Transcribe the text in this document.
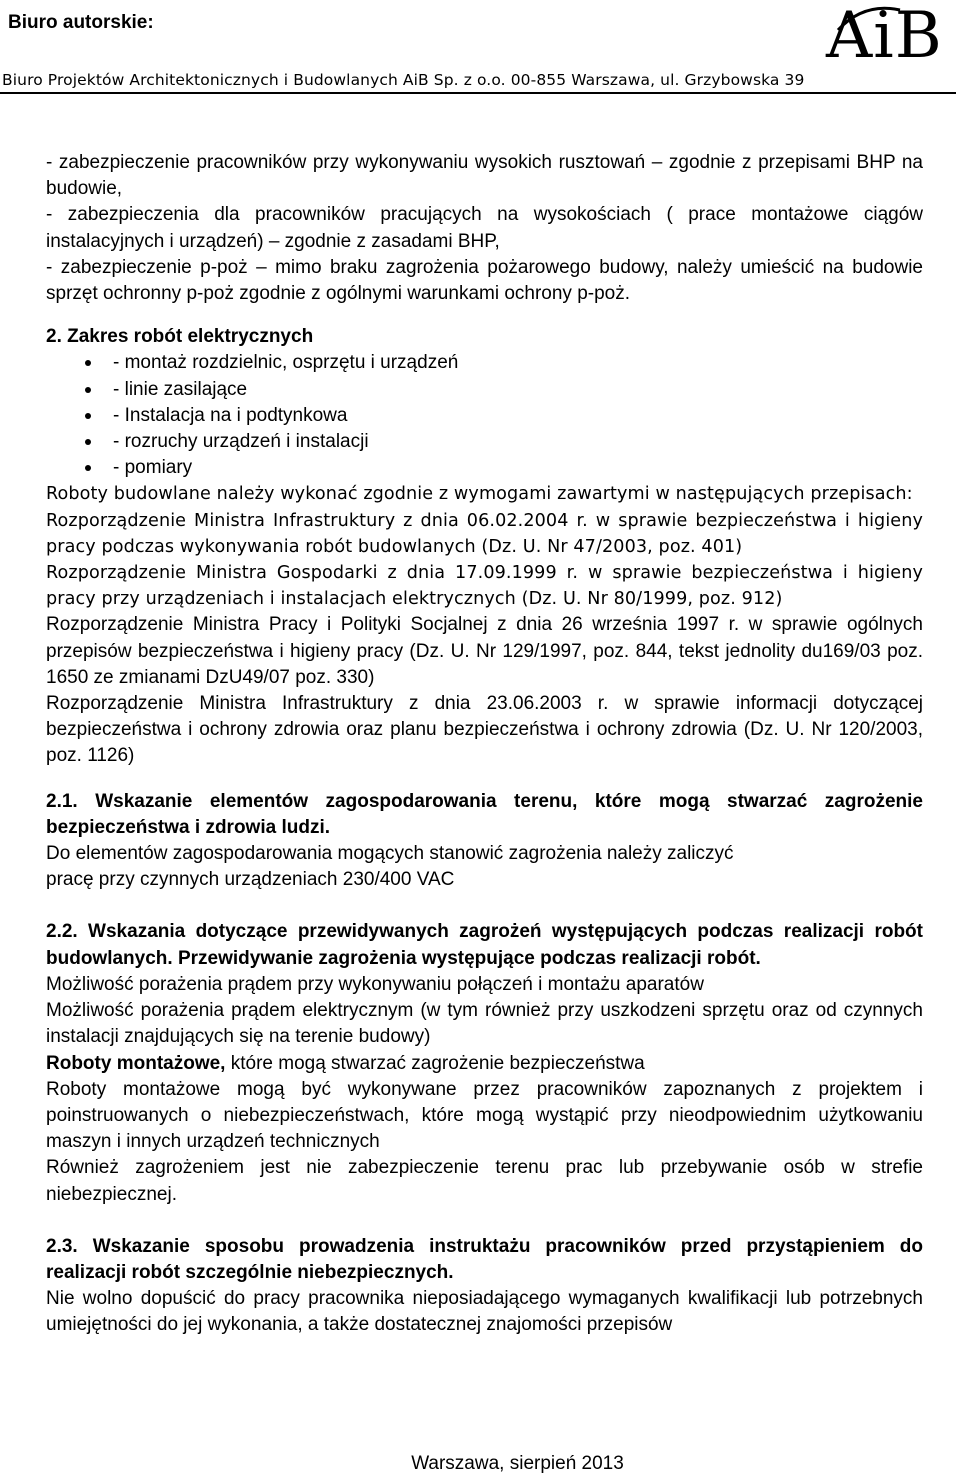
Biuro autorskie:	AiB
Biuro Projektów Architektonicznych i Budowlanych AiB Sp. z o.o. 00-855 Warszawa, ul. Grzybowska 39

- zabezpieczenie pracowników przy wykonywaniu wysokich rusztowań – zgodnie z przepisami BHP na budowie,

- zabezpieczenia dla pracowników pracujących na wysokościach ( prace montażowe ciągów instalacyjnych i urządzeń) – zgodnie z zasadami BHP,

- zabezpieczenie p-poż – mimo braku zagrożenia pożarowego budowy, należy umieścić na budowie sprzęt ochronny p-poż zgodnie z ogólnymi warunkami ochrony p-poż.

2. Zakres robót elektrycznych

- montaż rozdzielnic, osprzętu i urządzeń
- linie zasilające
- Instalacja na i podtynkowa
- rozruchy urządzeń i instalacji
- pomiary

Roboty budowlane należy wykonać zgodnie z wymogami zawartymi w następujących przepisach:

Rozporządzenie Ministra Infrastruktury z dnia 06.02.2004 r. w sprawie bezpieczeństwa i higieny pracy podczas wykonywania robót budowlanych (Dz. U. Nr 47/2003, poz. 401)

Rozporządzenie Ministra Gospodarki z dnia 17.09.1999 r. w sprawie bezpieczeństwa i higieny pracy przy urządzeniach i instalacjach elektrycznych (Dz. U. Nr 80/1999, poz. 912)

Rozporządzenie Ministra Pracy i Polityki Socjalnej z dnia 26 września 1997 r. w sprawie ogólnych przepisów bezpieczeństwa i higieny pracy (Dz. U. Nr 129/1997, poz. 844, tekst jednolity du169/03 poz. 1650 ze zmianami DzU49/07 poz. 330)

Rozporządzenie Ministra Infrastruktury z dnia 23.06.2003 r. w sprawie informacji dotyczącej bezpieczeństwa i ochrony zdrowia oraz planu bezpieczeństwa i ochrony zdrowia (Dz. U. Nr 120/2003, poz. 1126)

2.1. Wskazanie elementów zagospodarowania terenu, które mogą stwarzać zagrożenie bezpieczeństwa i zdrowia ludzi.

Do elementów zagospodarowania mogących stanowić zagrożenia należy zaliczyć

pracę przy czynnych urządzeniach 230/400 VAC

2.2. Wskazania dotyczące przewidywanych zagrożeń występujących podczas realizacji robót budowlanych. Przewidywanie zagrożenia występujące podczas realizacji robót.

Możliwość porażenia prądem przy wykonywaniu połączeń i montażu aparatów

Możliwość porażenia prądem elektrycznym (w tym również przy uszkodzeni sprzętu oraz od czynnych instalacji znajdujących się na terenie budowy)

Roboty montażowe, które mogą stwarzać zagrożenie bezpieczeństwa

Roboty montażowe mogą być wykonywane przez pracowników zapoznanych z projektem i poinstruowanych o niebezpieczeństwach, które mogą wystąpić przy nieodpowiednim użytkowaniu maszyn i innych urządzeń technicznych

Również zagrożeniem jest nie zabezpieczenie terenu prac lub przebywanie osób w strefie niebezpiecznej.

2.3. Wskazanie sposobu prowadzenia instruktażu pracowników przed przystąpieniem do realizacji robót szczególnie niebezpiecznych.

Nie wolno dopuścić do pracy pracownika nieposiadającego wymaganych kwalifikacji lub potrzebnych umiejętności do jej wykonania, a także dostatecznej znajomości przepisów

Warszawa, sierpień 2013
